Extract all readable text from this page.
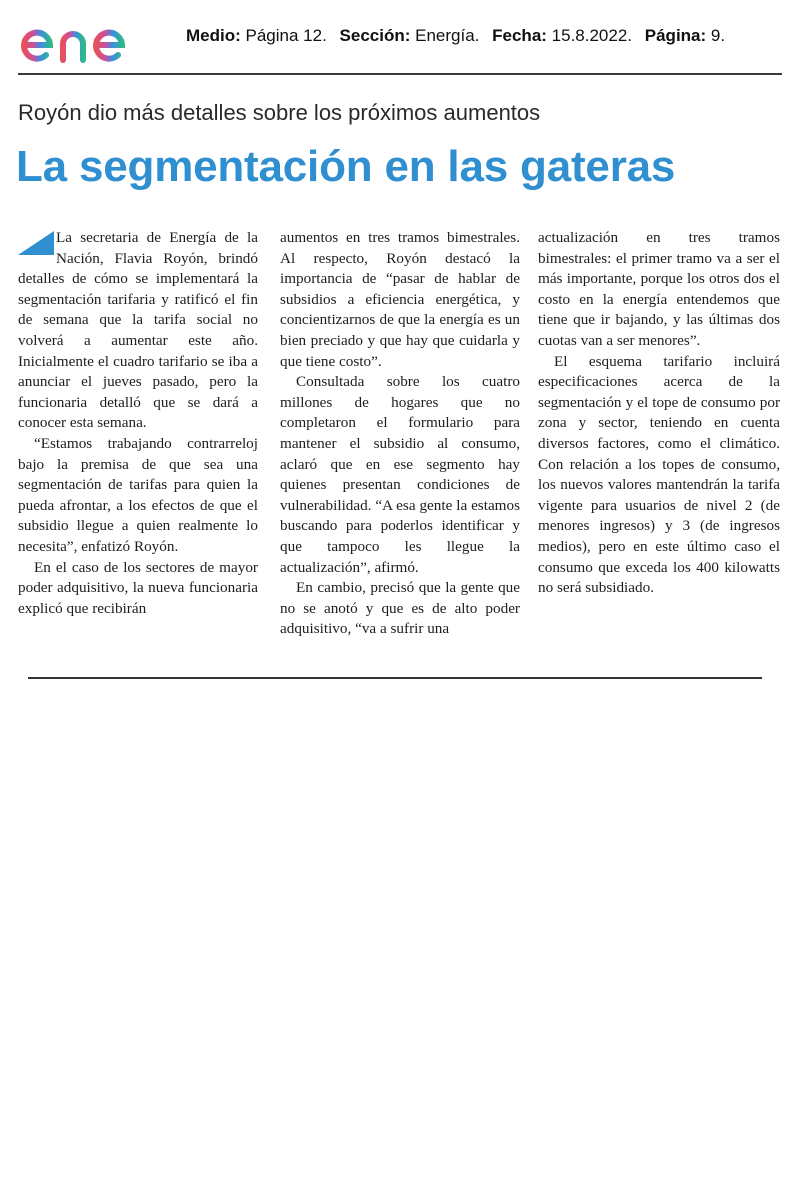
Medio: Página 12. Sección: Energía. Fecha: 15.8.2022. Página: 9.
Royón dio más detalles sobre los próximos aumentos
La segmentación en las gateras

La secretaria de Energía de la Nación, Flavia Royón, brindó detalles de cómo se implementará la segmentación tarifaria y ratificó el fin de semana que la tarifa social no volverá a aumentar este año. Inicialmente el cuadro tarifario se iba a anunciar el jueves pasado, pero la funcionaria detalló que se dará a conocer esta semana.

“Estamos trabajando contrarreloj bajo la premisa de que sea una segmentación de tarifas para quien la pueda afrontar, a los efectos de que el subsidio llegue a quien realmente lo necesita”, enfatizó Royón.

En el caso de los sectores de mayor poder adquisitivo, la nueva funcionaria explicó que recibirán

aumentos en tres tramos bimestrales. Al respecto, Royón destacó la importancia de “pasar de hablar de subsidios a eficiencia energética, y concientizarnos de que la energía es un bien preciado y que hay que cuidarla y que tiene costo”.

Consultada sobre los cuatro millones de hogares que no completaron el formulario para mantener el subsidio al consumo, aclaró que en ese segmento hay quienes presentan condiciones de vulnerabilidad. “A esa gente la estamos buscando para poderlos identificar y que tampoco les llegue la actualización”, afirmó.

En cambio, precisó que la gente que no se anotó y que es de alto poder adquisitivo, “va a sufrir una

actualización en tres tramos bimestrales: el primer tramo va a ser el más importante, porque los otros dos el costo en la energía entendemos que tiene que ir bajando, y las últimas dos cuotas van a ser menores”.

El esquema tarifario incluirá especificaciones acerca de la segmentación y el tope de consumo por zona y sector, teniendo en cuenta diversos factores, como el climático. Con relación a los topes de consumo, los nuevos valores mantendrán la tarifa vigente para usuarios de nivel 2 (de menores ingresos) y 3 (de ingresos medios), pero en este último caso el consumo que exceda los 400 kilowatts no será subsidiado.
